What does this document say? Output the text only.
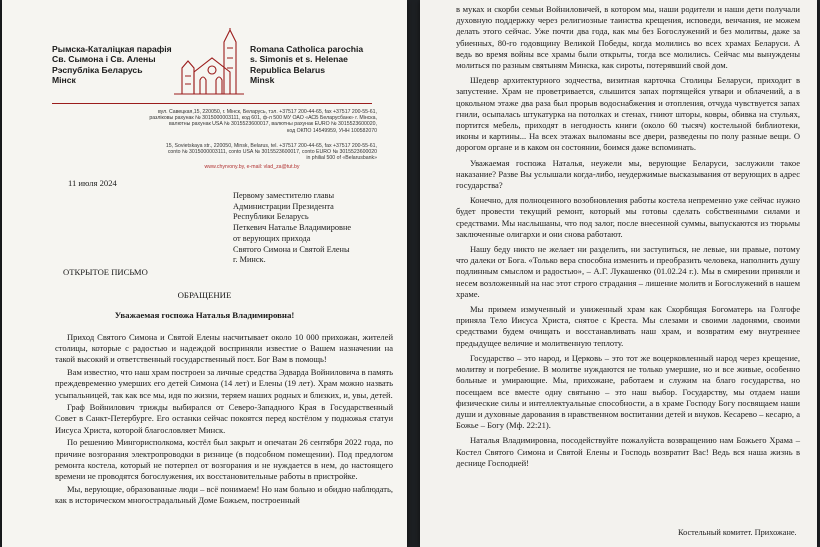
Рымска-Каталіцкая парафія
Св. Сымона і Св. Алены
Рэспубліка Беларусь
Мінск
Romana Catholica parochia
s. Simonis et s. Helenae
Republica Belarus
Minsk
вул. Савецкая,15, 220050, г. Мінск, Беларусь, тэл. +37517 200-44-65, fax +37517 200-55-61,
разлiковы рахунак № 3015000003111, код 601, ф-л 500 МУ ОАО «АСБ Беларусбанк» г. Мінска,
валютны рахунак USA № 3015523600017, валютны рахунак EURO № 3015523600020,
код ОКПО 14549959, УНН 100582070
15, Sovietskaya str., 220050, Minsk, Belarus, tel. +37517 200-44-65, fax +37517 200-55-61,
conto № 3015000003111, conto USA № 3015523600017, conto EURO № 3015523600020
in philial 500 of «Belarusbank»
www.chyrvony.by, e-mail: vlad_za@tut.by
11 июля 2024
Первому заместителю главы
Администрации Президента
Республики Беларусь
Петкевич Наталье Владимировне
от верующих прихода
Святого Симона и Святой Елены
г. Минск.
ОТКРЫТОЕ ПИСЬМО
ОБРАЩЕНИЕ
Уважаемая госпожа Наталья Владимировна!

Приход Святого Симона и Святой Елены насчитывает около 10 000 прихожан, жителей столицы, которые с радостью и надеждой восприняли известие о Вашем назначении на такой высокий и ответственный государственный пост. Бог Вам в помощь!

Вам известно, что наш храм построен за личные средства Эдварда Войниловича в память преждевременно умерших его детей Симона (14 лет) и Елены (19 лет). Храм можно назвать усыпальницей, так как все мы, идя по жизни, теряем наших родных и близких, и, увы, детей.

Граф Войнилович трижды выбирался от Северо-Западного Края в Государственный Совет в Санкт-Петербурге. Его останки сейчас покоятся перед костёлом у подножья статуи Иисуса Христа, которой благословляет Минск.

По решению Мингорисполкома, костёл был закрыт и опечатан 26 сентября 2022 года, по причине возгорания электропроводки в ризнице (в подсобном помещении). Под предлогом ремонта костела, который не потерпел от возгорания и не нуждается в нем, до настоящего времени не проводятся богослужения, их восстановительные работы в пристройке.

Мы, верующие, образованные люди – всё понимаем! Но нам больно и обидно наблюдать, как в историческом многострадальный Доме Божьем, построенный

в муках и скорби семьи Войниловичей, в котором мы, наши родители и наши дети получали духовную поддержку через религиозные таинства крещения, исповеди, венчания, не можем делать этого сейчас. Уже почти два года, как мы без Богослужений и без молитвы, даже за убиенных, 80-го годовщину Великой Победы, когда молились во всех храмах Беларуси. А ведь во время войны все храмы были открыты, тогда все молились. Сейчас мы вынуждены молиться по разным святыням Минска, как сироты, потерявший свой дом.

Шедевр архитектурного зодчества, визитная карточка Столицы Беларуси, приходит в запустение. Храм не проветривается, слышится запах портящейся утвари и облачений, а в цокольном этаже два раза был прорыв водоснабжения и отопления, отчуда чувствуется запах гнили, осыпалась штукатурка на потолках и стенах, гниют шторы, ковры, обивка на стульях, портится мебель, приходят в негодность книги (около 60 тысяч) костельной библиотеки, иконы и картины... На всех этажах выломаны все двери, разведены по полу разные вещи. О дорогом органе и в каком он состоянии, боимся даже вспоминать.

Уважаемая госпожа Наталья, неужели мы, верующие Беларуси, заслужили такое наказание? Разве Вы услышали когда-либо, неудержимые высказывания от верующих в адрес государства?

Конечно, для полноценного возобновления работы костела непременно уже сейчас нужно будет провести текущий ремонт, который мы готовы сделать собственными силами и средствами. Мы наслышаны, что под залог, после внесенной суммы, выпускаются из тюрьмы заключенные олигархи и они снова работают.

Нашу беду никто не желает ни разделить, ни заступиться, не левые, ни правые, потому что далеки от Бога. «Только вера способна изменить и преобразить человека, наполнить душу подлинным смыслом и радостью», – А.Г. Лукашенко (01.02.24 г.). Мы в смирении приняли и несем возложенный на нас этот строго страдания – лишение молитв и Богослужений в нашем храме.

Мы примем измученный и униженный храм как Скорбящая Богоматерь на Голгофе приняла Тело Иисуса Христа, снятое с Креста. Мы слезами и своими ладонями, своими средствами будем очищать и восстанавливать наш храм, и возвратим ему внутреннее предыдущее величие и молитвенную теплоту.

Государство – это народ, и Церковь – это тот же воцерковленный народ через крещение, молитву и погребение. В молитве нуждаются не только умершие, но и все живые, особенно больные и умирающие. Мы, прихожане, работаем и служим на благо государства, но посещаем все вместе одну святыню – это наш выбор. Государству, мы отдаем наши физические силы и интеллектуальные способности, а в храме Господу Богу посвящаем наши души и духовные дарования в нравственном воспитании детей и внуков. Кесарево – кесарю, а Божье – Богу (Мф. 22:21).

Наталья Владимировна, посодействуйте пожалуйста возвращению нам Божьего Храма – Костел Святого Симона и Святой Елены и Господь возвратит Вас! Ведь вся наша жизнь в деснице Господней!

Костельный комитет. Прихожане.
